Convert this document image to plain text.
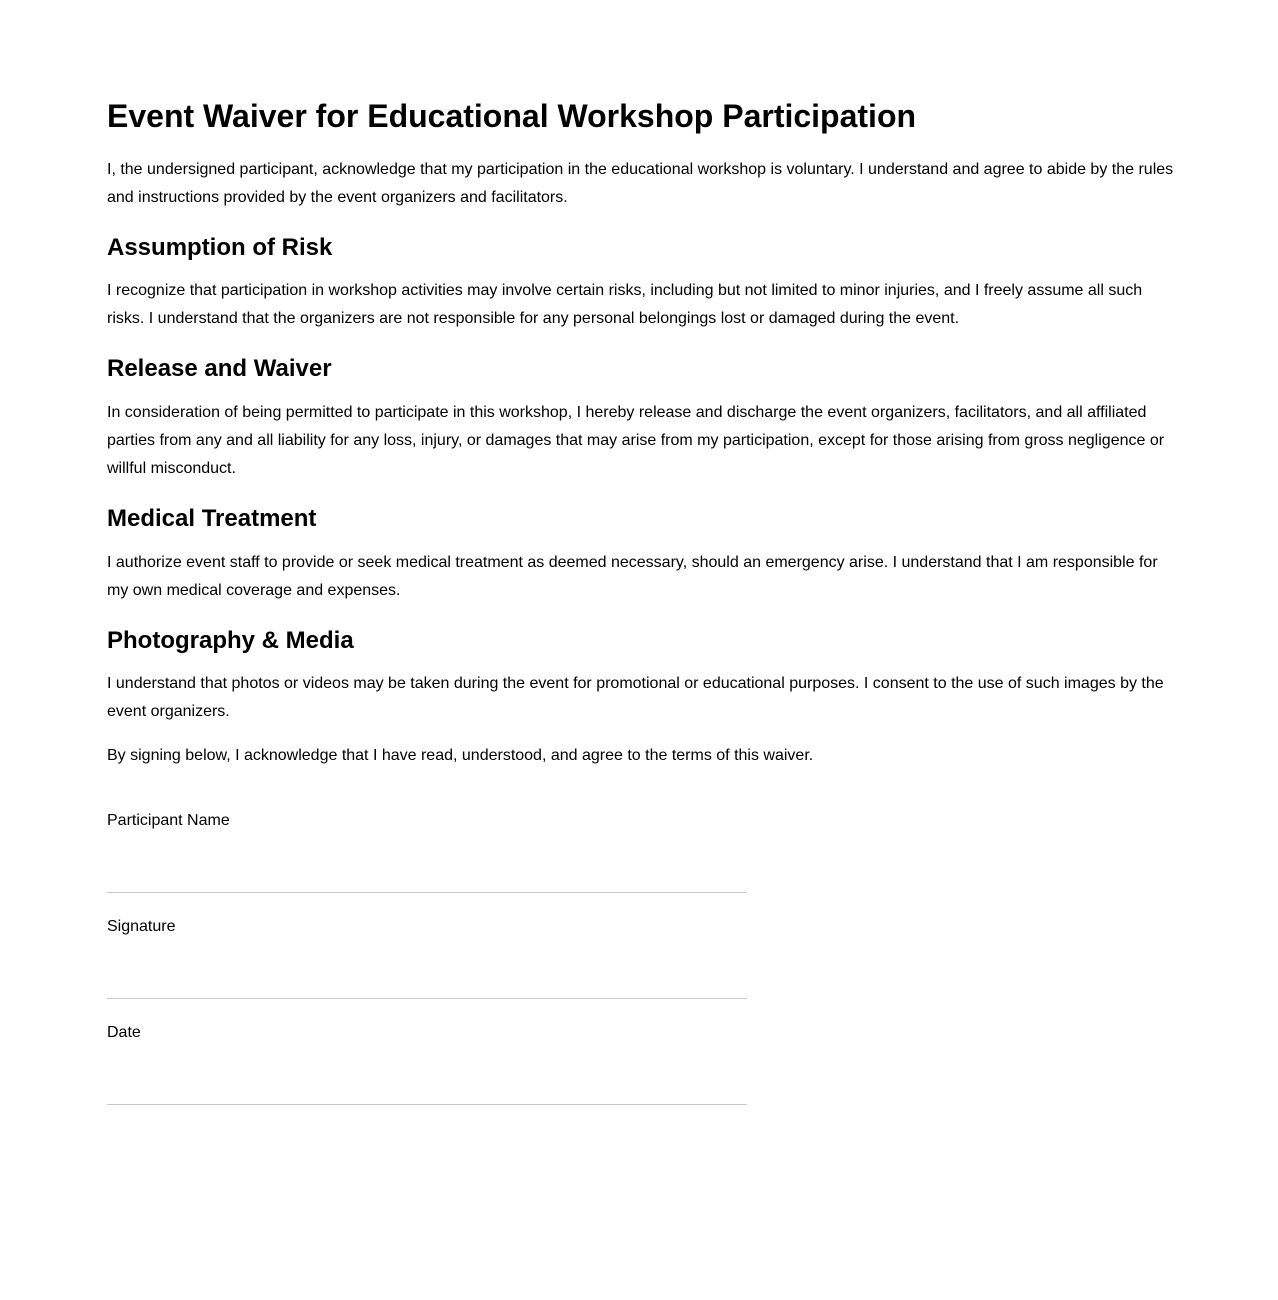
Event Waiver for Educational Workshop Participation

I, the undersigned participant, acknowledge that my participation in the educational workshop is voluntary. I understand and agree to abide by the rules and instructions provided by the event organizers and facilitators.

Assumption of Risk

I recognize that participation in workshop activities may involve certain risks, including but not limited to minor injuries, and I freely assume all such risks. I understand that the organizers are not responsible for any personal belongings lost or damaged during the event.

Release and Waiver

In consideration of being permitted to participate in this workshop, I hereby release and discharge the event organizers, facilitators, and all affiliated parties from any and all liability for any loss, injury, or damages that may arise from my participation, except for those arising from gross negligence or willful misconduct.

Medical Treatment

I authorize event staff to provide or seek medical treatment as deemed necessary, should an emergency arise. I understand that I am responsible for my own medical coverage and expenses.

Photography & Media

I understand that photos or videos may be taken during the event for promotional or educational purposes. I consent to the use of such images by the event organizers.

By signing below, I acknowledge that I have read, understood, and agree to the terms of this waiver.

Participant Name
Signature
Date
